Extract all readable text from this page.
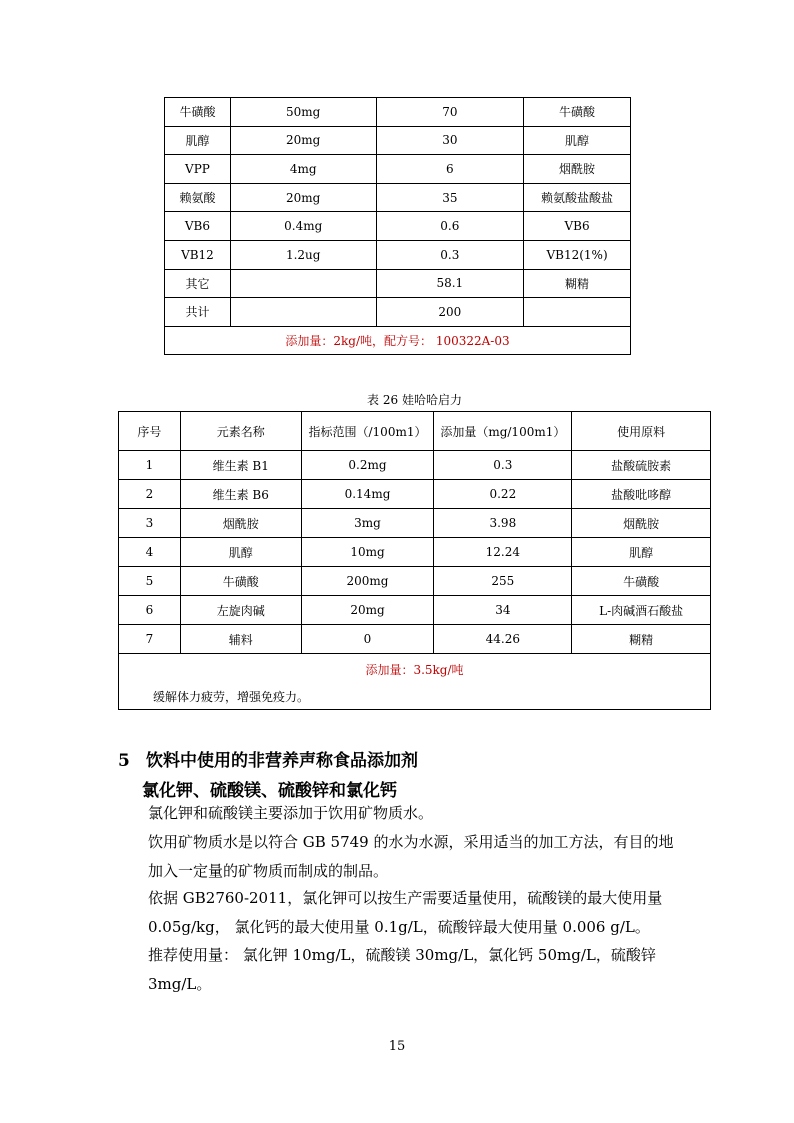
牛磺酸	50mg	70	牛磺酸
肌醇	20mg	30	肌醇
VPP	4mg	6	烟酰胺
赖氨酸	20mg	35	赖氨酸盐酸盐
VB6	0.4mg	0.6	VB6
VB12	1.2ug	0.3	VB12(1%)
其它		58.1	糊精
共计		200	
添加量：2kg/吨，配方号： 100322A-03			
表 26 娃哈哈启力
序号	元素名称	指标范围（/100m1）	添加量（mg/100m1）	使用原料
1	维生素 B1	0.2mg	0.3	盐酸硫胺素
2	维生素 B6	0.14mg	0.22	盐酸吡哆醇
3	烟酰胺	3mg	3.98	烟酰胺
4	肌醇	10mg	12.24	肌醇
5	牛磺酸	200mg	255	牛磺酸
6	左旋肉碱	20mg	34	L-肉碱酒石酸盐
7	辅料	0	44.26	糊精
添加量：3.5kg/吨				
缓解体力疲劳，增强免疫力。				
5 饮料中使用的非营养声称食品添加剂
氯化钾、硫酸镁、硫酸锌和氯化钙
氯化钾和硫酸镁主要添加于饮用矿物质水。
饮用矿物质水是以符合 GB 5749 的水为水源，采用适当的加工方法，有目的地加入一定量的矿物质而制成的制品。
依据 GB2760-2011，氯化钾可以按生产需要适量使用，硫酸镁的最大使用量 0.05g/kg， 氯化钙的最大使用量 0.1g/L，硫酸锌最大使用量 0.006 g/L。
推荐使用量： 氯化钾 10mg/L，硫酸镁 30mg/L，氯化钙 50mg/L，硫酸锌 3mg/L。
15
